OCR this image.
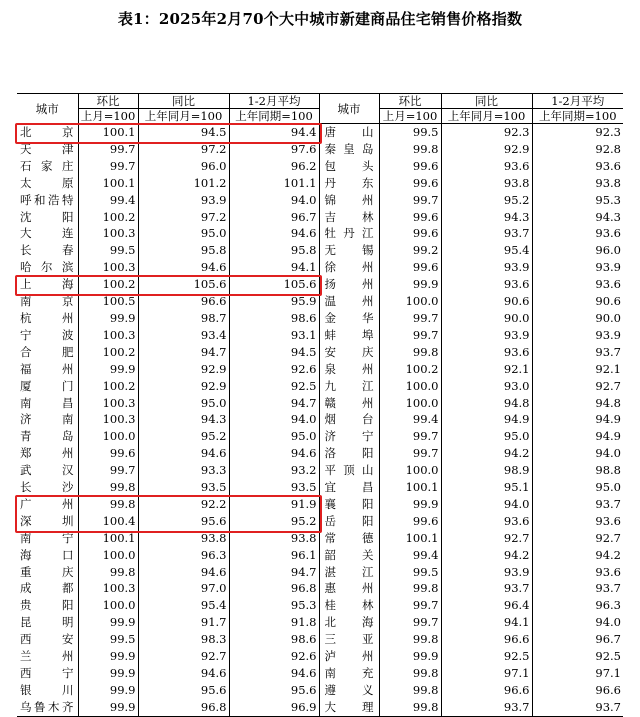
表1：2025年2月70个大中城市新建商品住宅销售价格指数
城市	环比	同比	1-2月平均	城市	环比	同比	1-2月平均
	上月=100	上年同月=100	上年同期=100		上月=100	上年同月=100	上年同期=100
北　京	100.1	94.5	94.4	唐　山	99.5	92.3	92.3
天　津	99.7	97.2	97.6	秦皇岛	99.8	92.9	92.8
石家庄	99.7	96.0	96.2	包　头	99.6	93.6	93.6
太　原	100.1	101.2	101.1	丹　东	99.6	93.8	93.8
呼和浩特	99.4	93.9	94.0	锦　州	99.7	95.2	95.3
沈　阳	100.2	97.2	96.7	吉　林	99.6	94.3	94.3
大　连	100.3	95.0	94.6	牡丹江	99.6	93.7	93.6
长　春	99.5	95.8	95.8	无　锡	99.2	95.4	96.0
哈尔滨	100.3	94.6	94.1	徐　州	99.6	93.9	93.9
上　海	100.2	105.6	105.6	扬　州	99.9	93.6	93.6
南　京	100.5	96.6	95.9	温　州	100.0	90.6	90.6
杭　州	99.9	98.7	98.6	金　华	99.7	90.0	90.0
宁　波	100.3	93.4	93.1	蚌　埠	99.7	93.9	93.9
合　肥	100.2	94.7	94.5	安　庆	99.8	93.6	93.7
福　州	99.9	92.9	92.6	泉　州	100.2	92.1	92.1
厦　门	100.2	92.9	92.5	九　江	100.0	93.0	92.7
南　昌	100.3	95.0	94.7	赣　州	100.0	94.8	94.8
济　南	100.3	94.3	94.0	烟　台	99.4	94.9	94.9
青　岛	100.0	95.2	95.0	济　宁	99.7	95.0	94.9
郑　州	99.6	94.6	94.6	洛　阳	99.7	94.2	94.0
武　汉	99.7	93.3	93.2	平顶山	100.0	98.9	98.8
长　沙	99.8	93.5	93.5	宜　昌	100.1	95.1	95.0
广　州	99.8	92.2	91.9	襄　阳	99.9	94.0	93.7
深　圳	100.4	95.6	95.2	岳　阳	99.6	93.6	93.6
南　宁	100.1	93.8	93.8	常　德	100.1	92.7	92.7
海　口	100.0	96.3	96.1	韶　关	99.4	94.2	94.2
重　庆	99.8	94.6	94.7	湛　江	99.5	93.9	93.6
成　都	100.3	97.0	96.8	惠　州	99.8	93.7	93.7
贵　阳	100.0	95.4	95.3	桂　林	99.7	96.4	96.3
昆　明	99.9	91.7	91.8	北　海	99.7	94.1	94.0
西　安	99.5	98.3	98.6	三　亚	99.8	96.6	96.7
兰　州	99.9	92.7	92.6	泸　州	99.9	92.5	92.5
西　宁	99.9	94.6	94.6	南　充	99.8	97.1	97.1
银　川	99.9	95.6	95.6	遵　义	99.8	96.6	96.6
乌鲁木齐	99.9	96.8	96.9	大　理	99.8	93.7	93.7
